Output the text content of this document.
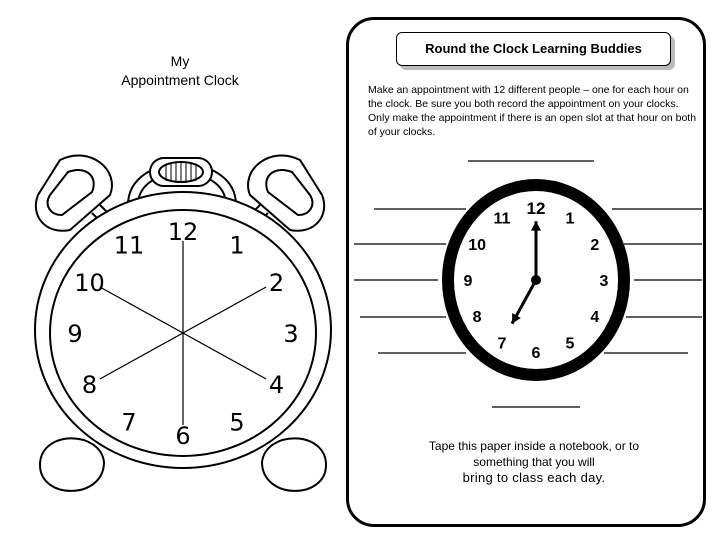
My
Appointment Clock
12 1
2
3
4
5
6
7
8
9
10
11
Round the Clock Learning Buddies
Make an appointment with 12 different people – one for each hour on the clock. Be sure you both record the appointment on your clocks. Only make the appointment if there is an open slot at that hour on both of your clocks.
12
1
2
3
4
5
6
7
8
9
10
11
Tape this paper inside a notebook, or to
something that you will
bring to class each day.
